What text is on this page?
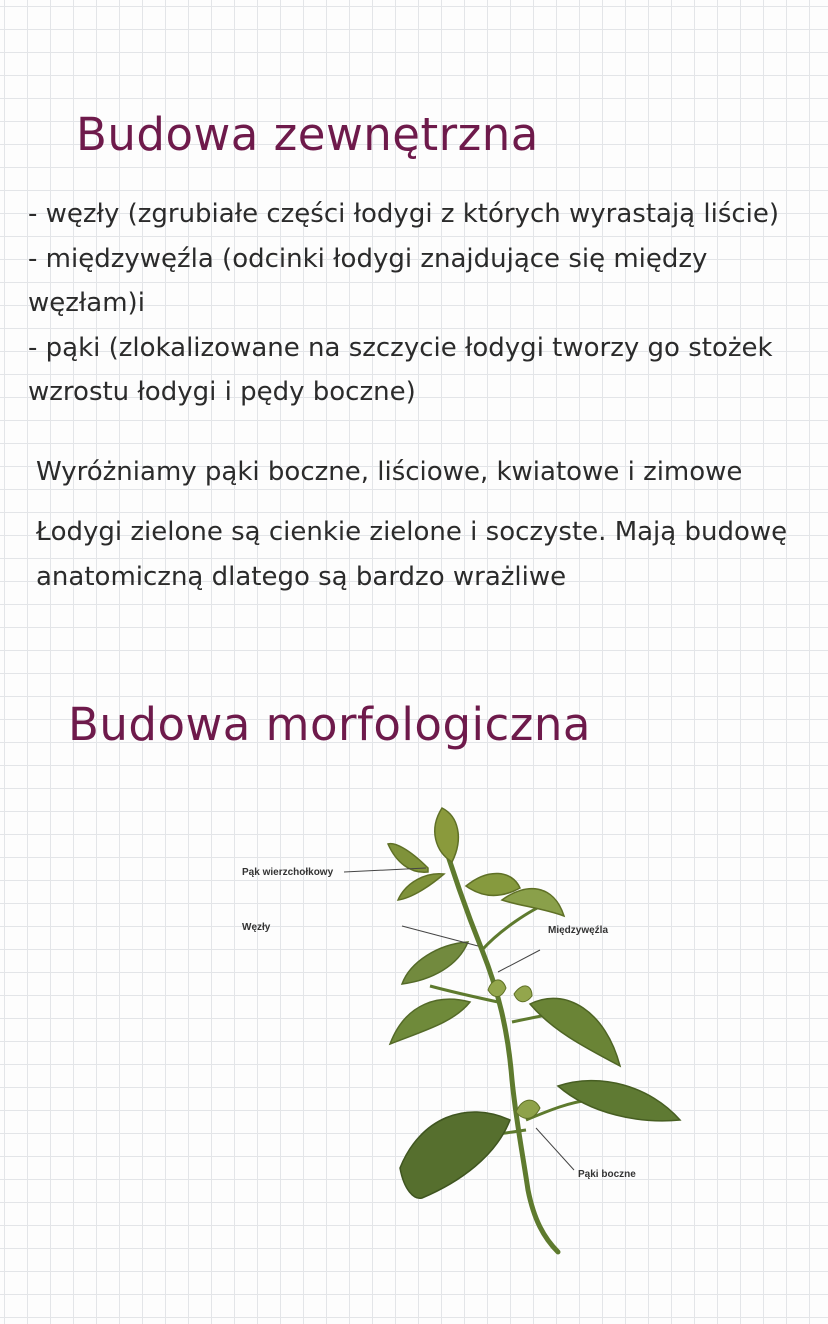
Budowa zewnętrzna
- węzły (zgrubiałe części łodygi z których wyrastają liście)
- międzywęźla (odcinki łodygi znajdujące się między
węzłam)i
- pąki (zlokalizowane na szczycie łodygi tworzy go stożek
wzrostu łodygi i pędy boczne)
Wyróżniamy pąki boczne, liściowe, kwiatowe i zimowe
Łodygi zielone są cienkie zielone i soczyste. Mają budowę
anatomiczną dlatego są bardzo wrażliwe
Budowa morfologiczna
Pąk wierzchołkowy
Węzły	Międzywęźla
Pąki boczne
